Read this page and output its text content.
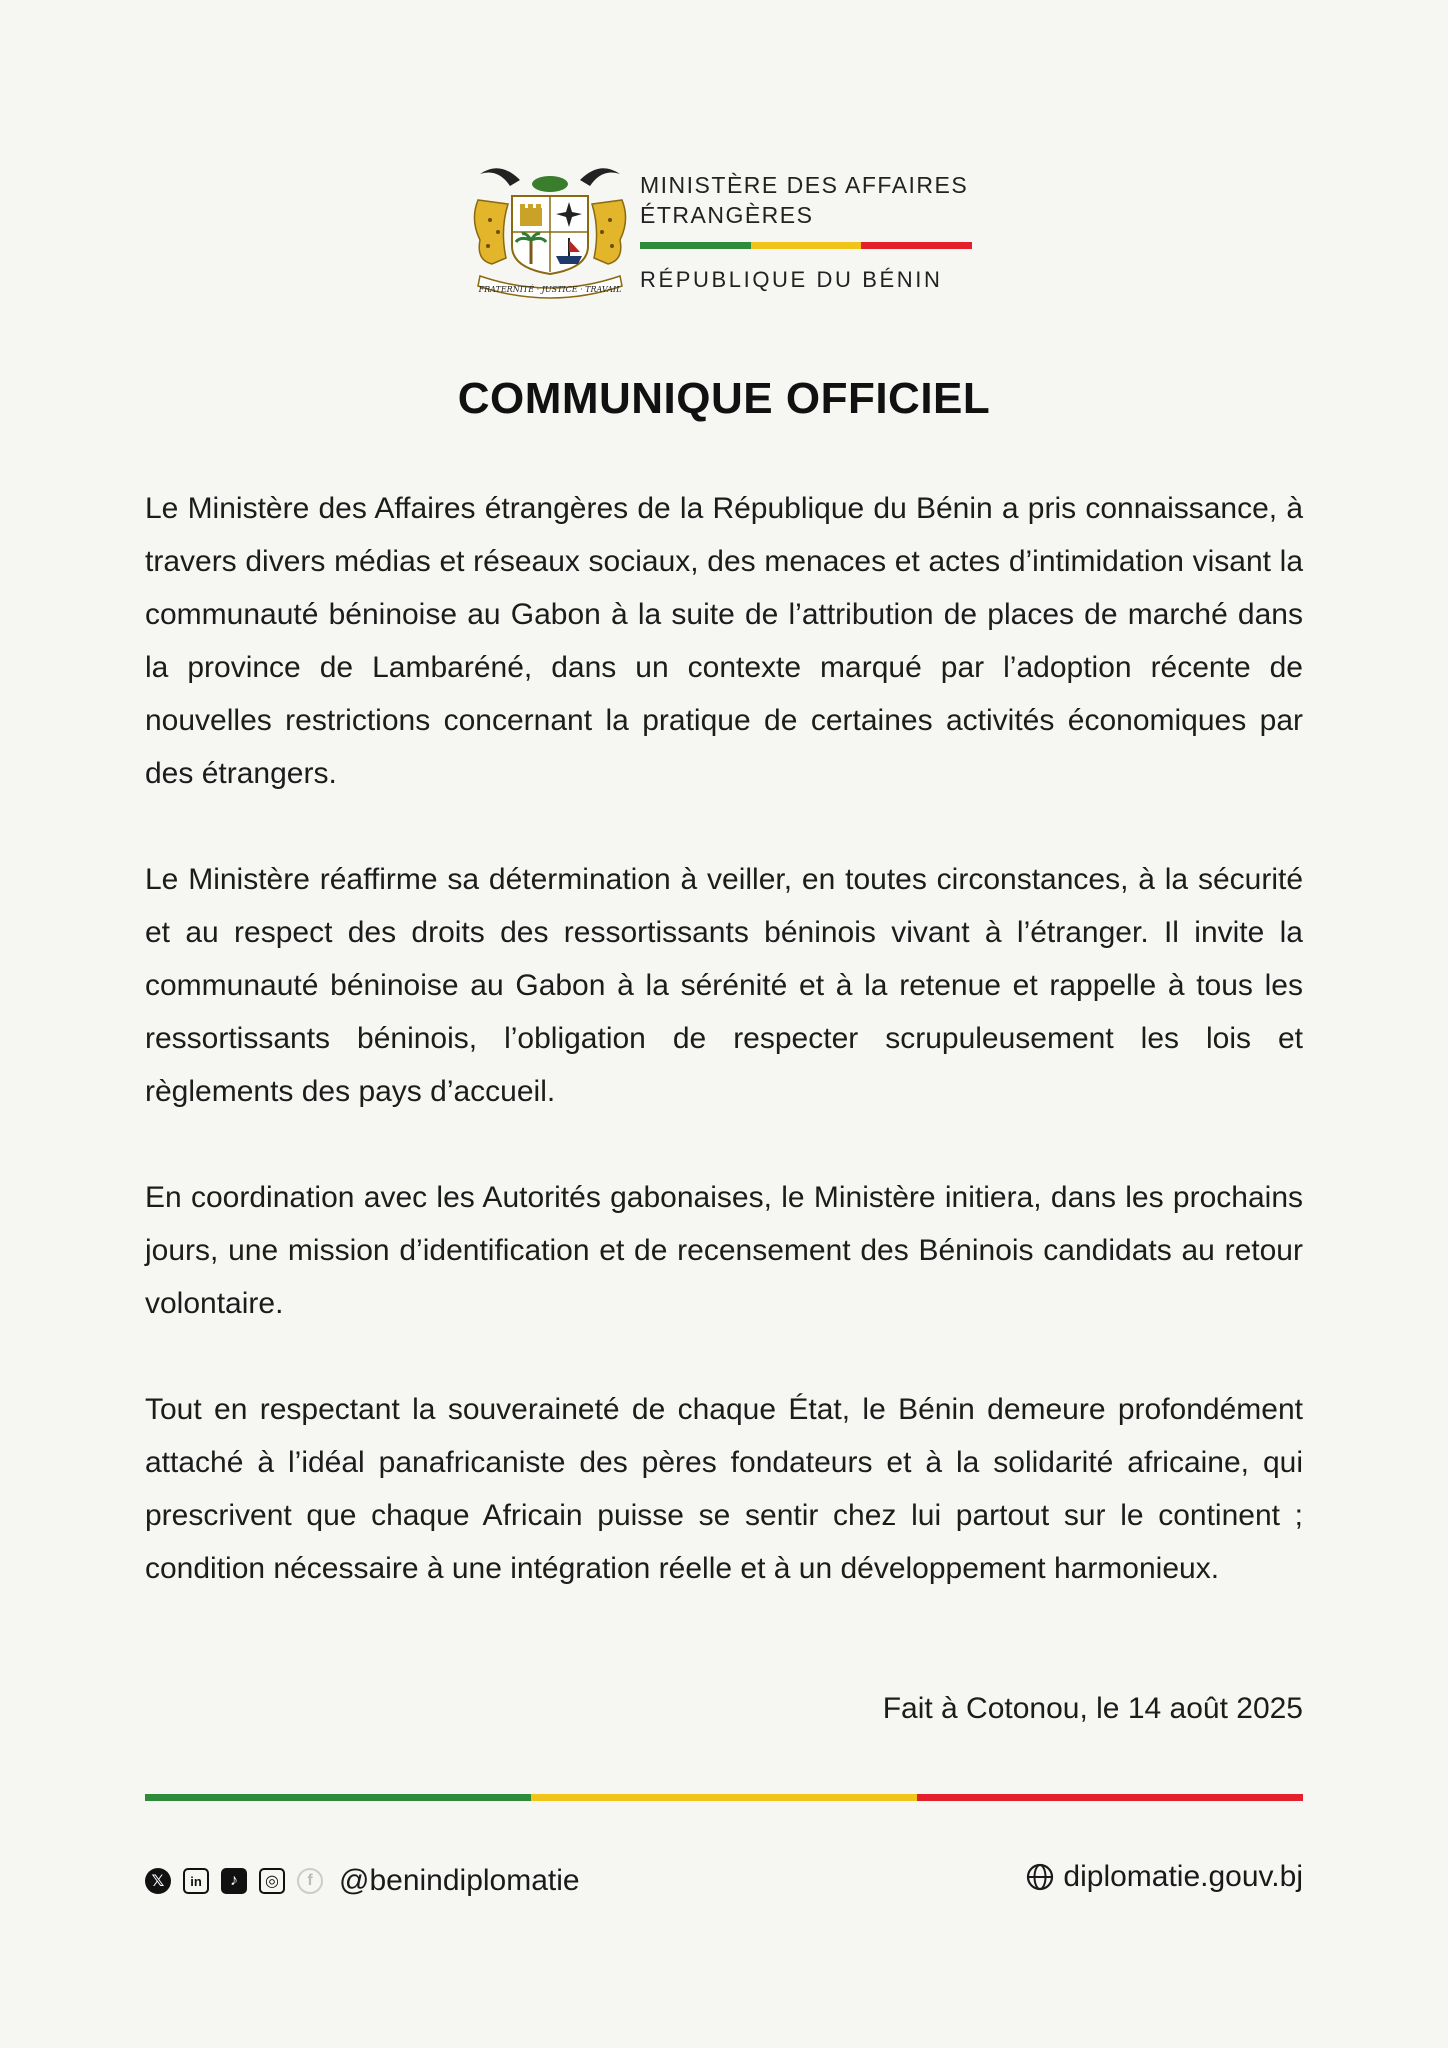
FRATERNITÉ · JUSTICE · TRAVAIL
MINISTÈRE DES AFFAIRES
ÉTRANGÈRES
RÉPUBLIQUE DU BÉNIN
COMMUNIQUE OFFICIEL

Le Ministère des Affaires étrangères de la République du Bénin a pris connaissance, à travers divers médias et réseaux sociaux, des menaces et actes d’intimidation visant la communauté béninoise au Gabon à la suite de l’attribution de places de marché dans la province de Lambaréné, dans un contexte marqué par l’adoption récente de nouvelles restrictions concernant la pratique de certaines activités économiques par des étrangers.

Le Ministère réaffirme sa détermination à veiller, en toutes circonstances, à la sécurité et au respect des droits des ressortissants béninois vivant à l’étranger. Il invite la communauté béninoise au Gabon à la sérénité et à la retenue et rappelle à tous les ressortissants béninois, l’obligation de respecter scrupuleusement les lois et règlements des pays d’accueil.

En coordination avec les Autorités gabonaises, le Ministère initiera, dans les prochains jours, une mission d’identification et de recensement des Béninois candidats au retour volontaire.

Tout en respectant la souveraineté de chaque État, le Bénin demeure profondément attaché à l’idéal panafricaniste des pères fondateurs et à la solidarité africaine, qui prescrivent que chaque Africain puisse se sentir chez lui partout sur le continent ; condition nécessaire à une intégration réelle et à un développement harmonieux.

Fait à Cotonou, le 14 août 2025
𝕏	in	♪	◎	f @benindiplomatie	diplomatie.gouv.bj
